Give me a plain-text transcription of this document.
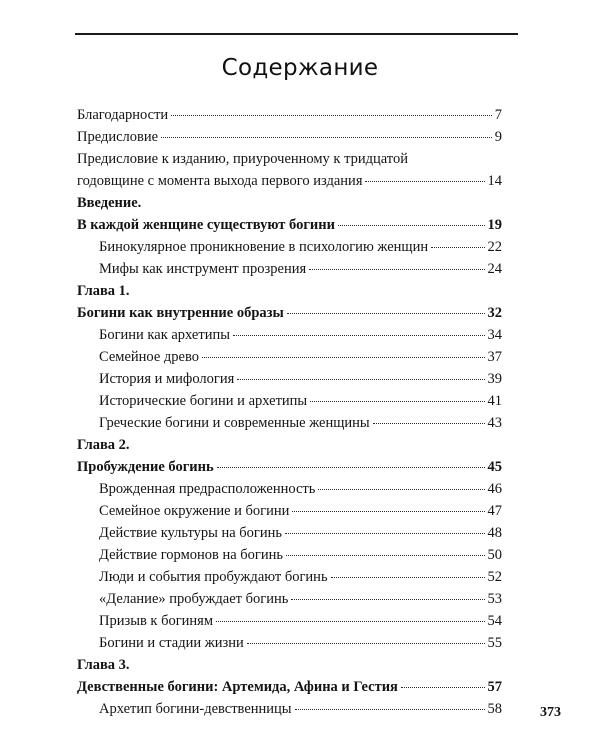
Содержание
Благодарности	7
Предисловие	9
Предисловие к изданию, приуроченному к тридцатой
годовщине с момента выхода первого издания	14
Введение.
В каждой женщине существуют богини	19
Бинокулярное проникновение в психологию женщин	22
Мифы как инструмент прозрения	24
Глава 1.
Богини как внутренние образы	32
Богини как архетипы	34
Семейное древо	37
История и мифология	39
Исторические богини и архетипы	41
Греческие богини и современные женщины	43
Глава 2.
Пробуждение богинь	45
Врожденная предрасположенность	46
Семейное окружение и богини	47
Действие культуры на богинь	48
Действие гормонов на богинь	50
Люди и события пробуждают богинь	52
«Делание» пробуждает богинь	53
Призыв к богиням	54
Богини и стадии жизни	55
Глава 3.
Девственные богини: Артемида, Афина и Гестия	57
Архетип богини-девственницы	58	373
